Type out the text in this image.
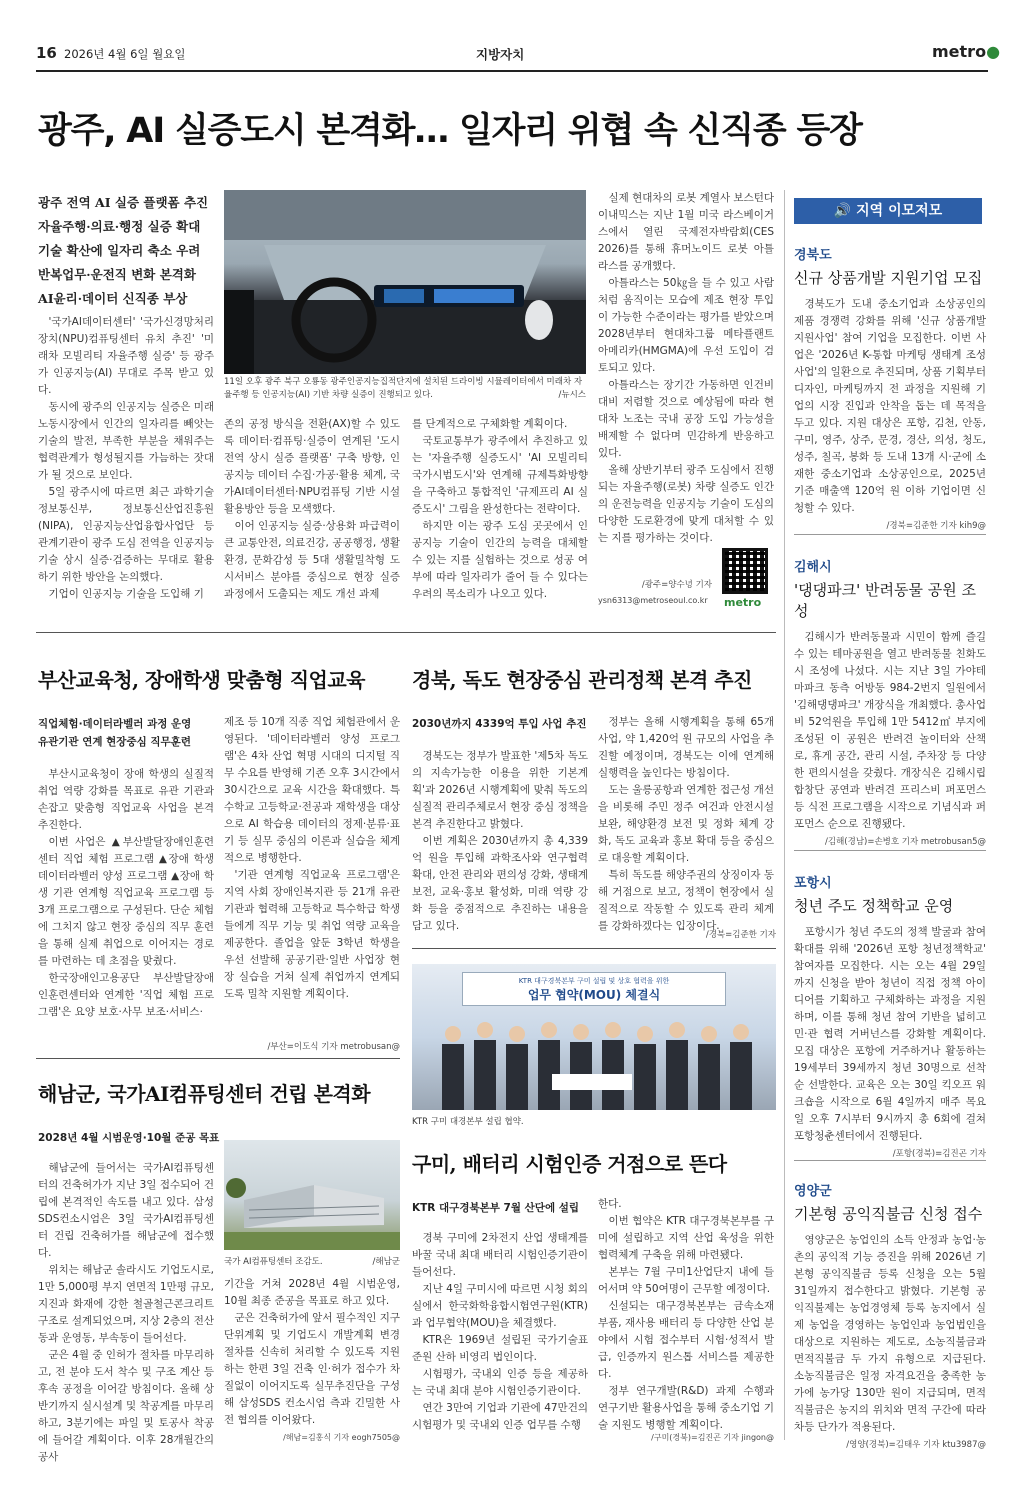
16 2026년 4월 6일 월요일	지방자치	metro●
광주, AI 실증도시 본격화… 일자리 위협 속 신직종 등장
광주 전역 AI 실증 플랫폼 추진
자율주행·의료·행정 실증 확대
기술 확산에 일자리 축소 우려
반복업무·운전직 변화 본격화
AI윤리·데이터 신직종 부상
11일 오후 광주 북구 오룡동 광주인공지능집적단지에 설치된 드라이빙 시뮬레이터에서 미래차 자율주행 등 인공지능(AI) 기반 차량 실증이 진행되고 있다.	/뉴시스

'국가AI데이터센터' '국가신경망처리장치(NPU)컴퓨팅센터 유치 추진' '미래차 모빌리티 자율주행 실증' 등 광주가 인공지능(AI) 무대로 주목 받고 있다.

동시에 광주의 인공지능 실증은 미래 노동시장에서 인간의 일자리를 빼앗는 기술의 발전, 부족한 부분을 채워주는 협력관계가 형성될지를 가늠하는 잣대가 될 것으로 보인다.

5일 광주시에 따르면 최근 과학기술정보통신부, 정보통신산업진흥원(NIPA), 인공지능산업융합사업단 등 관계기관이 광주 도심 전역을 인공지능 기술 상시 실증·검증하는 무대로 활용하기 위한 방안을 논의했다.

기업이 인공지능 기술을 도입해 기

존의 공정 방식을 전환(AX)할 수 있도록 데이터·컴퓨팅·실증이 연계된 '도시 전역 상시 실증 플랫폼' 구축 방향, 인공지능 데이터 수집·가공·활용 체계, 국가AI데이터센터·NPU컴퓨팅 기반 시설 활용방안 등을 모색했다.

이어 인공지능 실증·상용화 파급력이 큰 교통안전, 의료건강, 공공행정, 생활환경, 문화감성 등 5대 생활밀착형 도시서비스 분야를 중심으로 현장 실증 과정에서 도출되는 제도 개선 과제

를 단계적으로 구체화할 계획이다.

국토교통부가 광주에서 추진하고 있는 '자율주행 실증도시' 'AI 모빌리티 국가시범도시'와 연계해 규제특화방향을 구축하고 통합적인 '규제프리 AI 실증도시' 그림을 완성한다는 전략이다.

하지만 이는 광주 도심 곳곳에서 인공지능 기술이 인간의 능력을 대체할 수 있는 지를 실험하는 것으로 성공 여부에 따라 일자리가 줄어 들 수 있다는 우려의 목소리가 나오고 있다.

실제 현대차의 로봇 계열사 보스턴다이내믹스는 지난 1월 미국 라스베이거스에서 열린 국제전자박람회(CES 2026)를 통해 휴머노이드 로봇 아틀라스를 공개했다.

아틀라스는 50㎏을 들 수 있고 사람처럼 움직이는 모습에 제조 현장 투입이 가능한 수준이라는 평가를 받았으며 2028년부터 현대차그룹 메타플랜트 아메리카(HMGMA)에 우선 도입이 검토되고 있다.

아틀라스는 장기간 가동하면 인건비 대비 저렴할 것으로 예상됨에 따라 현대차 노조는 국내 공장 도입 가능성을 배제할 수 없다며 민감하게 반응하고 있다.

올해 상반기부터 광주 도심에서 진행되는 자율주행(로봇) 차량 실증도 인간의 운전능력을 인공지능 기술이 도심의 다양한 도로환경에 맞게 대처할 수 있는 지를 평가하는 것이다.

/광주=양수녕 기자
ysn6313@metroseoul.co.kr	metro
부산교육청, 장애학생 맞춤형 직업교육
직업체험·데이터라벨러 과정 운영
유관기관 연계 현장중심 직무훈련

부산시교육청이 장애 학생의 실질적 취업 역량 강화를 목표로 유관 기관과 손잡고 맞춤형 직업교육 사업을 본격 추진한다.

이번 사업은 ▲부산발달장애인훈련센터 직업 체험 프로그램 ▲장애 학생 데이터라벨러 양성 프로그램 ▲장애 학생 기관 연계형 직업교육 프로그램 등 3개 프로그램으로 구성된다. 단순 체험에 그치지 않고 현장 중심의 직무 훈련을 통해 실제 취업으로 이어지는 경로를 마련하는 데 초점을 맞췄다.

한국장애인고용공단 부산발달장애인훈련센터와 연계한 '직업 체험 프로그램'은 요양 보호·사무 보조·서비스·

제조 등 10개 직종 직업 체험관에서 운영된다. '데이터라벨러 양성 프로그램'은 4차 산업 혁명 시대의 디지털 직무 수요를 반영해 기존 오후 3시간에서 30시간으로 교육 시간을 확대했다. 특수학교 고등학교·전공과 재학생을 대상으로 AI 학습용 데이터의 정제·분류·표기 등 실무 중심의 이론과 실습을 체계적으로 병행한다.

'기관 연계형 직업교육 프로그램'은 지역 사회 장애인복지관 등 21개 유관 기관과 협력해 고등학교 특수학급 학생들에게 직무 기능 및 취업 역량 교육을 제공한다. 졸업을 앞둔 3학년 학생을 우선 선발해 공공기관·일반 사업장 현장 실습을 거쳐 실제 취업까지 연계되도록 밀착 지원할 계획이다.

/부산=이도식 기자 metrobusan@
경북, 독도 현장중심 관리정책 본격 추진
2030년까지 4339억 투입 사업 추진

경북도는 정부가 발표한 '제5차 독도의 지속가능한 이용을 위한 기본계획'과 2026년 시행계획에 맞춰 독도의 실질적 관리주체로서 현장 중심 정책을 본격 추진한다고 밝혔다.

이번 계획은 2030년까지 총 4,339억 원을 투입해 과학조사와 연구협력 확대, 안전 관리와 편의성 강화, 생태계 보전, 교육·홍보 활성화, 미래 역량 강화 등을 중점적으로 추진하는 내용을 담고 있다.

정부는 올해 시행계획을 통해 65개 사업, 약 1,420억 원 규모의 사업을 추진할 예정이며, 경북도는 이에 연계해 실행력을 높인다는 방침이다.

도는 울릉공항과 연계한 접근성 개선을 비롯해 주민 정주 여건과 안전시설 보완, 해양환경 보전 및 정화 체계 강화, 독도 교육과 홍보 확대 등을 중심으로 대응할 계획이다.

특히 독도를 해양주권의 상징이자 동해 거점으로 보고, 정책이 현장에서 실질적으로 작동할 수 있도록 관리 체계를 강화하겠다는 입장이다.

/경북=김준한 기자
해남군, 국가AI컴퓨팅센터 건립 본격화
2028년 4월 시범운영·10월 준공 목표

해남군에 들어서는 국가AI컴퓨팅센터의 건축허가가 지난 3일 접수되어 건립에 본격적인 속도를 내고 있다. 삼성SDS컨소시엄은 3일 국가AI컴퓨팅센터 건립 건축허가를 해남군에 접수했다.

위치는 해남군 솔라시도 기업도시로, 1만 5,000평 부지 연면적 1만평 규모, 지진과 화재에 강한 철골철근콘크리트 구조로 설계되었으며, 지상 2층의 전산동과 운영동, 부속동이 들어선다.

군은 4월 중 인허가 절차를 마무리하고, 전 분야 도서 착수 및 구조 계산 등 후속 공정을 이어갈 방침이다. 올해 상반기까지 실시설계 및 착공계를 마무리하고, 3분기에는 파일 및 토공사 착공에 들어갈 계획이다. 이후 28개월간의 공사

국가 AI컴퓨팅센터 조감도.	/해남군

기간을 거쳐 2028년 4월 시범운영, 10월 최종 준공을 목표로 하고 있다.

군은 건축허가에 앞서 필수적인 지구단위계획 및 기업도시 개발계획 변경 절차를 신속히 처리할 수 있도록 지원하는 한편 3일 건축 인·허가 접수가 차질없이 이어지도록 실무추진단을 구성해 삼성SDS 컨소시엄 측과 긴밀한 사전 협의를 이어왔다.

/해남=김홍식 기자 eogh7505@
KTR 대구경북본부 구미 설립 및 상호 협력을 위한
업무 협약(MOU) 체결식
KTR 구미 대경본부 설립 협약.
구미, 배터리 시험인증 거점으로 뜬다
KTR 대구경북본부 7월 산단에 설립

경북 구미에 2차전지 산업 생태계를 바꿀 국내 최대 배터리 시험인증기관이 들어선다.

지난 4일 구미시에 따르면 시청 회의실에서 한국화학융합시험연구원(KTR)과 업무협약(MOU)을 체결했다.

KTR은 1969년 설립된 국가기술표준원 산하 비영리 법인이다.

시험평가, 국내외 인증 등을 제공하는 국내 최대 분야 시험인증기관이다.

연간 3만여 기업과 기관에 47만건의 시험평가 및 국내외 인증 업무를 수행

한다.

이번 협약은 KTR 대구경북본부를 구미에 설립하고 지역 산업 육성을 위한 협력체계 구축을 위해 마련됐다.

본부는 7월 구미1산업단지 내에 들어서며 약 50여명이 근무할 예정이다.

신설되는 대구경북본부는 금속소재부품, 재사용 배터리 등 다양한 산업 분야에서 시험 접수부터 시험·성적서 발급, 인증까지 원스톱 서비스를 제공한다.

정부 연구개발(R&D) 과제 수행과 연구기반 활용사업을 통해 중소기업 기술 지원도 병행할 계획이다.

/구미(경북)=김진곤 기자 jingon@
🔊 지역 이모저모
경북도
신규 상품개발 지원기업 모집

경북도가 도내 중소기업과 소상공인의 제품 경쟁력 강화를 위해 '신규 상품개발 지원사업' 참여 기업을 모집한다. 이번 사업은 '2026년 K-통합 마케팅 생태계 조성사업'의 일환으로 추진되며, 상품 기획부터 디자인, 마케팅까지 전 과정을 지원해 기업의 시장 진입과 안착을 돕는 데 목적을 두고 있다. 지원 대상은 포항, 김천, 안동, 구미, 영주, 상주, 문경, 경산, 의성, 청도, 성주, 칠곡, 봉화 등 도내 13개 시·군에 소재한 중소기업과 소상공인으로, 2025년 기준 매출액 120억 원 이하 기업이면 신청할 수 있다.

/경북=김준한 기자 kih9@
김해시
'댕댕파크' 반려동물 공원 조성

김해시가 반려동물과 시민이 함께 즐길 수 있는 테마공원을 열고 반려동물 친화도시 조성에 나섰다. 시는 지난 3일 가야테마파크 동측 어방동 984-2번지 일원에서 '김해댕댕파크' 개장식을 개최했다. 총사업비 52억원을 투입해 1만 5412㎡ 부지에 조성된 이 공원은 반려견 놀이터와 산책로, 휴게 공간, 관리 시설, 주차장 등 다양한 편의시설을 갖췄다. 개장식은 김해시립합창단 공연과 반려견 프리스비 퍼포먼스 등 식전 프로그램을 시작으로 기념식과 퍼포먼스 순으로 진행됐다.

/김해(경남)=손병호 기자 metrobusan5@
포항시
청년 주도 정책학교 운영

포항시가 청년 주도의 정책 발굴과 참여 확대를 위해 '2026년 포항 청년정책학교' 참여자를 모집한다. 시는 오는 4월 29일까지 신청을 받아 청년이 직접 정책 아이디어를 기획하고 구체화하는 과정을 지원하며, 이를 통해 청년 참여 기반을 넓히고 민·관 협력 거버넌스를 강화할 계획이다. 모집 대상은 포항에 거주하거나 활동하는 19세부터 39세까지 청년 30명으로 선착순 선발한다. 교육은 오는 30일 킥오프 워크숍을 시작으로 6월 4일까지 매주 목요일 오후 7시부터 9시까지 총 6회에 걸쳐 포항청춘센터에서 진행된다.

/포항(경북)=김진곤 기자
영양군
기본형 공익직불금 신청 접수

영양군은 농업인의 소득 안정과 농업·농촌의 공익적 기능 증진을 위해 2026년 기본형 공익직불금 등록 신청을 오는 5월 31일까지 접수한다고 밝혔다. 기본형 공익직불제는 농업경영체 등록 농지에서 실제 농업을 경영하는 농업인과 농업법인을 대상으로 지원하는 제도로, 소농직불금과 면적직불금 두 가지 유형으로 지급된다. 소농직불금은 일정 자격요건을 충족한 농가에 농가당 130만 원이 지급되며, 면적직불금은 농지의 위치와 면적 구간에 따라 차등 단가가 적용된다.

/영양(경북)=김태우 기자 ktu3987@
